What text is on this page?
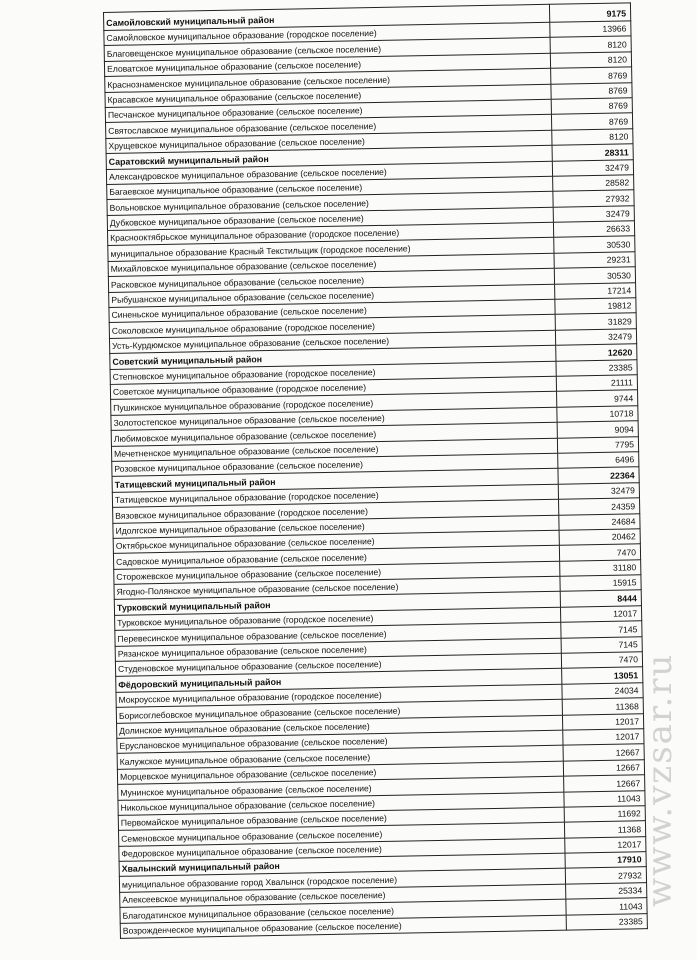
Самойловский муниципальный район	9175
Самойловское муниципальное образование (городское поселение)	13966
Благовещенское муниципальное образование (сельское поселение)	8120
Еловатское муниципальное образование (сельское поселение)	8120
Краснознаменское муниципальное образование (сельское поселение)	8769
Красавское муниципальное образование (сельское поселение)	8769
Песчанское муниципальное образование (сельское поселение)	8769
Святославское муниципальное образование (сельское поселение)	8769
Хрущевское муниципальное образование (сельское поселение)	8120
Саратовский муниципальный район	28311
Александровское муниципальное образование (сельское поселение)	32479
Багаевское муниципальное образование (сельское поселение)	28582
Вольновское муниципальное образование (сельское поселение)	27932
Дубковское муниципальное образование (сельское поселение)	32479
Краснооктябрьское муниципальное образование (городское поселение)	26633
муниципальное образование Красный Текстильщик (городское поселение)	30530
Михайловское муниципальное образование (сельское поселение)	29231
Расковское муниципальное образование (сельское поселение)	30530
Рыбушанское муниципальное образование (сельское поселение)	17214
Синеньское муниципальное образование (сельское поселение)	19812
Соколовское муниципальное образование (городское поселение)	31829
Усть-Курдюмское муниципальное образование (сельское поселение)	32479
Советский муниципальный район	12620
Степновское муниципальное образование (городское поселение)	23385
Советское муниципальное образование (городское поселение)	21111
Пушкинское муниципальное образование (городское поселение)	9744
Золотостепское муниципальное образование (сельское поселение)	10718
Любимовское муниципальное образование (сельское поселение)	9094
Мечетненское муниципальное образование (сельское поселение)	7795
Розовское муниципальное образование (сельское поселение)	6496
Татищевский муниципальный район	22364
Татищевское муниципальное образование (городское поселение)	32479
Вязовское муниципальное образование (городское поселение)	24359
Идолгское муниципальное образование (сельское поселение)	24684
Октябрьское муниципальное образование (сельское поселение)	20462
Садовское муниципальное образование (сельское поселение)	7470
Сторожевское муниципальное образование (сельское поселение)	31180
Ягодно-Полянское муниципальное образование (сельское поселение)	15915
Турковский муниципальный район	8444
Турковское муниципальное образование (городское поселение)	12017
Перевесинское муниципальное образование (сельское поселение)	7145
Рязанское муниципальное образование (сельское поселение)	7145
Студеновское муниципальное образование (сельское поселение)	7470
Фёдоровский муниципальный район	13051
Мокроусское муниципальное образование (городское поселение)	24034
Борисоглебовское муниципальное образование (сельское поселение)	11368
Долинское муниципальное образование (сельское поселение)	12017
Еруслановское муниципальное образование (сельское поселение)	12017
Калужское муниципальное образование (сельское поселение)	12667
Морцевское муниципальное образование (сельское поселение)	12667
Мунинское муниципальное образование (сельское поселение)	12667
Никольское муниципальное образование (сельское поселение)	11043
Первомайское муниципальное образование (сельское поселение)	11692
Семеновское муниципальное образование (сельское поселение)	11368
Федоровское муниципальное образование (сельское поселение)	12017
Хвалынский муниципальный район	17910
муниципальное образование город Хвалынск (городское поселение)	27932
Алексеевское муниципальное образование (сельское поселение)	25334
Благодатинское муниципальное образование (сельское поселение)	11043
Возрожденческое муниципальное образование (сельское поселение)	23385
www.vzsar.ru
